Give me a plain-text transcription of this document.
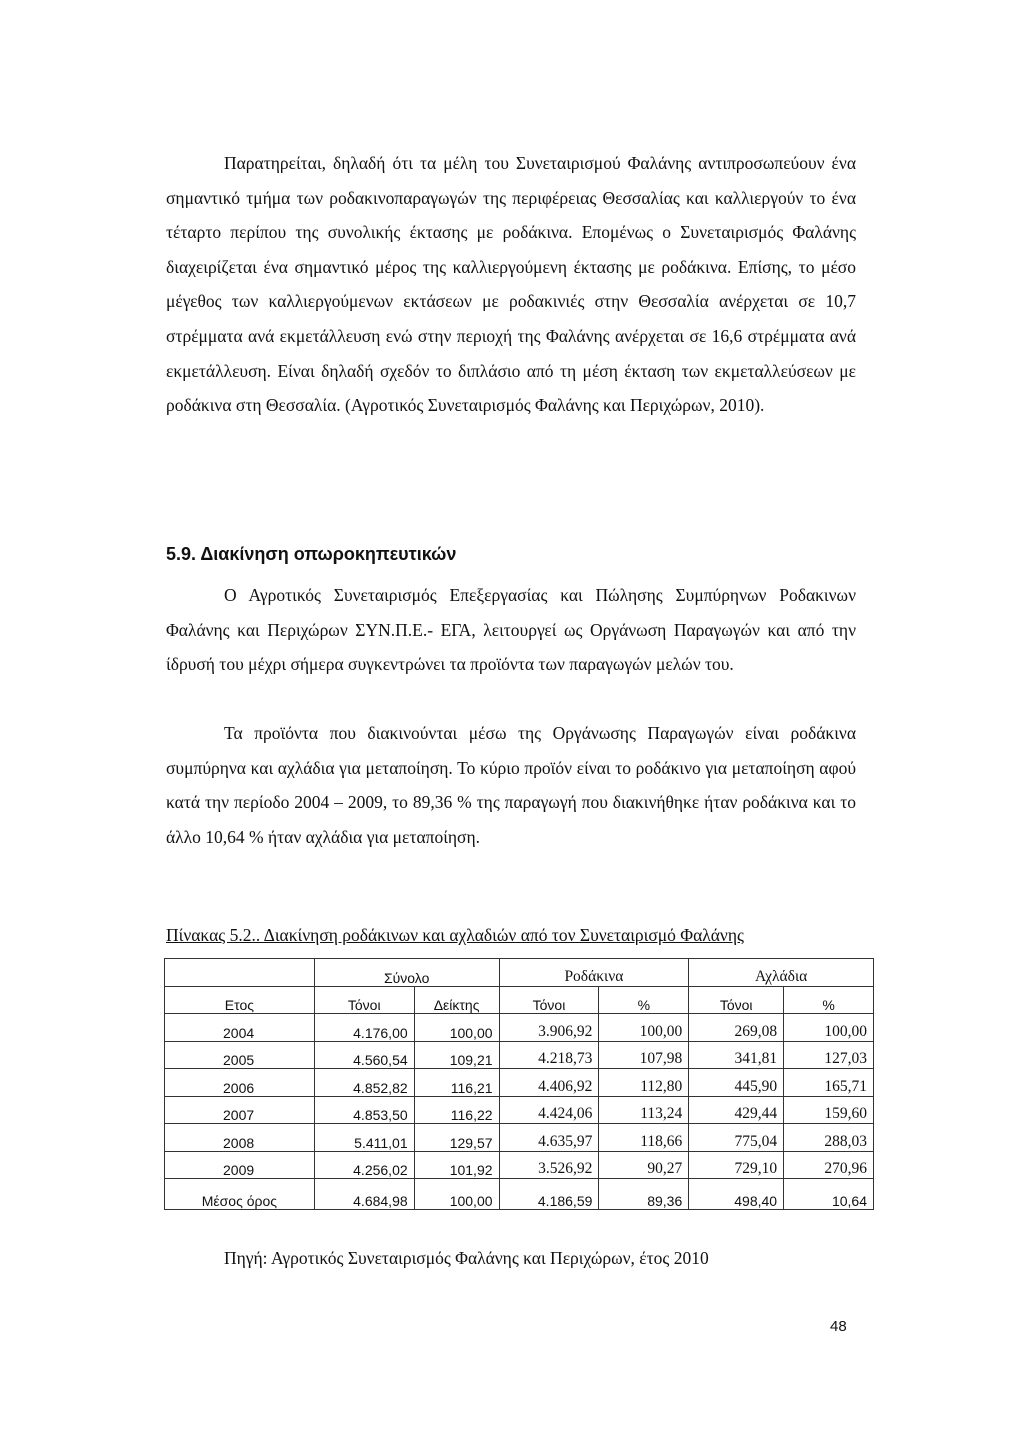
Παρατηρείται, δηλαδή ότι τα μέλη του Συνεταιρισμού Φαλάνης αντιπροσωπεύουν ένα σημαντικό τμήμα των ροδακινοπαραγωγών της περιφέρειας Θεσσαλίας και καλλιεργούν το ένα τέταρτο περίπου της συνολικής έκτασης με ροδάκινα. Επομένως ο Συνεταιρισμός Φαλάνης διαχειρίζεται ένα σημαντικό μέρος της καλλιεργούμενη έκτασης με ροδάκινα. Επίσης, το μέσο μέγεθος των καλλιεργούμενων εκτάσεων με ροδακινιές στην Θεσσαλία ανέρχεται σε 10,7 στρέμματα ανά εκμετάλλευση ενώ στην περιοχή της Φαλάνης ανέρχεται σε 16,6 στρέμματα ανά εκμετάλλευση. Είναι δηλαδή σχεδόν το διπλάσιο από τη μέση έκταση των εκμεταλλεύσεων με ροδάκινα στη Θεσσαλία. (Αγροτικός Συνεταιρισμός Φαλάνης και Περιχώρων, 2010).

5.9. Διακίνηση οπωροκηπευτικών

Ο Αγροτικός Συνεταιρισμός Επεξεργασίας και Πώλησης Συμπύρηνων Ροδακινων Φαλάνης και Περιχώρων ΣΥΝ.Π.Ε.- ΕΓΑ, λειτουργεί ως Οργάνωση Παραγωγών και από την ίδρυσή του μέχρι σήμερα συγκεντρώνει τα προϊόντα των παραγωγών μελών του.

Τα προϊόντα που διακινούνται μέσω της Οργάνωσης Παραγωγών είναι ροδάκινα συμπύρηνα και αχλάδια για μεταποίηση. Το κύριο προϊόν είναι το ροδάκινο για μεταποίηση αφού κατά την περίοδο 2004 – 2009, το 89,36 % της παραγωγή που διακινήθηκε ήταν ροδάκινα και το άλλο 10,64 % ήταν αχλάδια για μεταποίηση.

Πίνακας 5.2.. Διακίνηση ροδάκινων και αχλαδιών από τον Συνεταιρισμό Φαλάνης

	Σύνολο		Ροδάκινα		Αχλάδια	
Ετος	Τόνοι	Δείκτης	Τόνοι	%	Τόνοι	%
2004	4.176,00	100,00	3.906,92	100,00	269,08	100,00
2005	4.560,54	109,21	4.218,73	107,98	341,81	127,03
2006	4.852,82	116,21	4.406,92	112,80	445,90	165,71
2007	4.853,50	116,22	4.424,06	113,24	429,44	159,60
2008	5.411,01	129,57	4.635,97	118,66	775,04	288,03
2009	4.256,02	101,92	3.526,92	90,27	729,10	270,96
Μέσος όρος	4.684,98	100,00	4.186,59	89,36	498,40	10,64

Πηγή: Αγροτικός Συνεταιρισμός Φαλάνης και Περιχώρων, έτος 2010

48
